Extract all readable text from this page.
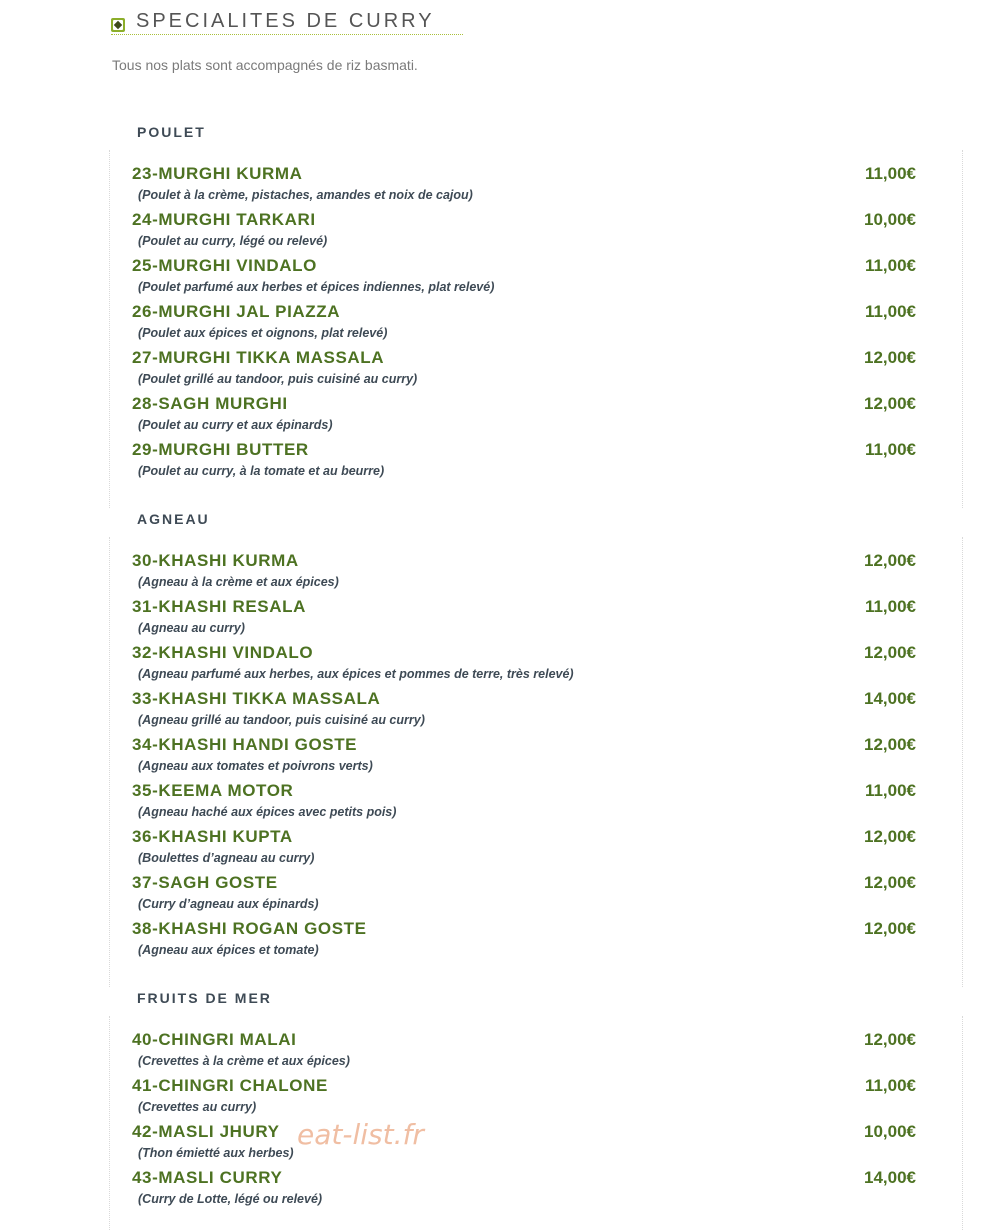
SPECIALITES DE CURRY
Tous nos plats sont accompagnés de riz basmati.
POULET
23-MURGHI KURMA	11,00€
(Poulet à la crème, pistaches, amandes et noix de cajou)
24-MURGHI TARKARI	10,00€
(Poulet au curry, légé ou relevé)
25-MURGHI VINDALO	11,00€
(Poulet parfumé aux herbes et épices indiennes, plat relevé)
26-MURGHI JAL PIAZZA	11,00€
(Poulet aux épices et oignons, plat relevé)
27-MURGHI TIKKA MASSALA	12,00€
(Poulet grillé au tandoor, puis cuisiné au curry)
28-SAGH MURGHI	12,00€
(Poulet au curry et aux épinards)
29-MURGHI BUTTER	11,00€
(Poulet au curry, à la tomate et au beurre)
AGNEAU
30-KHASHI KURMA	12,00€
(Agneau à la crème et aux épices)
31-KHASHI RESALA	11,00€
(Agneau au curry)
32-KHASHI VINDALO	12,00€
(Agneau parfumé aux herbes, aux épices et pommes de terre, très relevé)
33-KHASHI TIKKA MASSALA	14,00€
(Agneau grillé au tandoor, puis cuisiné au curry)
34-KHASHI HANDI GOSTE	12,00€
(Agneau aux tomates et poivrons verts)
35-KEEMA MOTOR	11,00€
(Agneau haché aux épices avec petits pois)
36-KHASHI KUPTA	12,00€
(Boulettes d’agneau au curry)
37-SAGH GOSTE	12,00€
(Curry d’agneau aux épinards)
38-KHASHI ROGAN GOSTE	12,00€
(Agneau aux épices et tomate)
FRUITS DE MER
40-CHINGRI MALAI	12,00€
(Crevettes à la crème et aux épices)
41-CHINGRI CHALONE	11,00€
(Crevettes au curry)
42-MASLI JHURY	10,00€
(Thon émietté aux herbes)
43-MASLI CURRY	14,00€
(Curry de Lotte, légé ou relevé)
eat-list.fr
